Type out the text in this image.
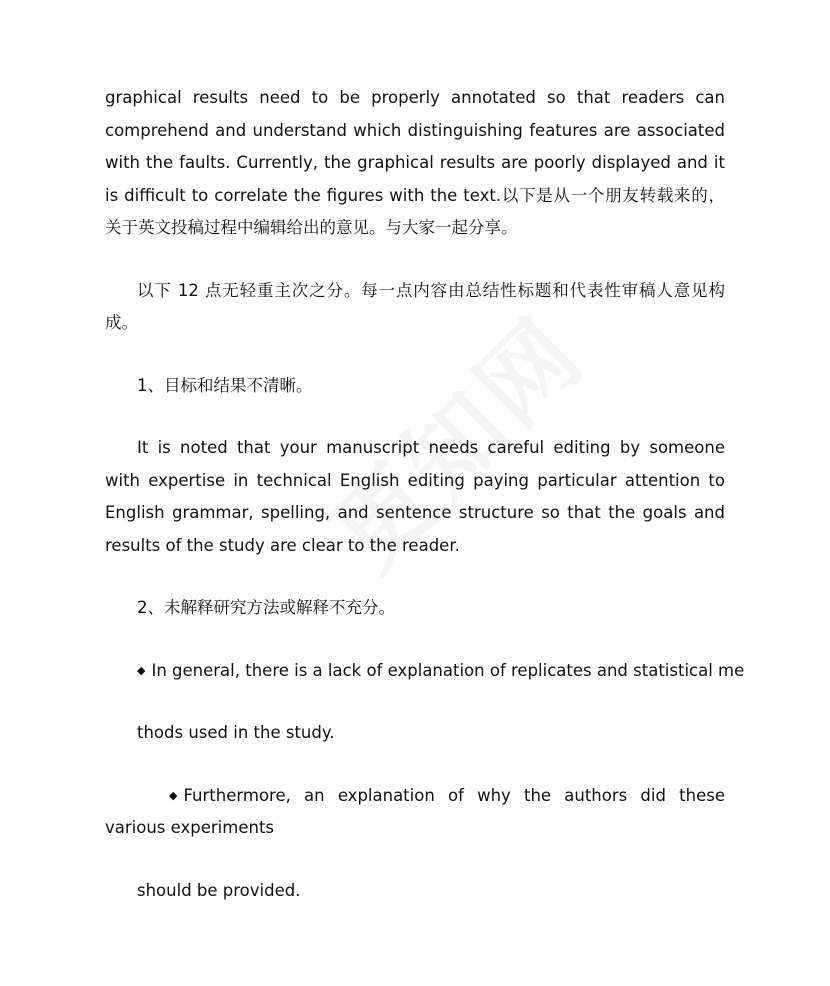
graphical results need to be properly annotated so that readers can comprehend and understand which distinguishing features are associated with the faults. Currently, the graphical results are poorly displayed and it is difficult to correlate the figures with the text.以下是从一个朋友转载来的，关于英文投稿过程中编辑给出的意见。与大家一起分享。

以下 12 点无轻重主次之分。每一点内容由总结性标题和代表性审稿人意见构成。

1、目标和结果不清晰。

It is noted that your manuscript needs careful editing by someone with expertise in technical English editing paying particular attention to English grammar, spelling, and sentence structure so that the goals and results of the study are clear to the reader.

2、未解释研究方法或解释不充分。

◆ In general, there is a lack of explanation of replicates and statistical me

thods used in the study.

◆ Furthermore, an explanation of why the authors did these various experiments

should be provided.
